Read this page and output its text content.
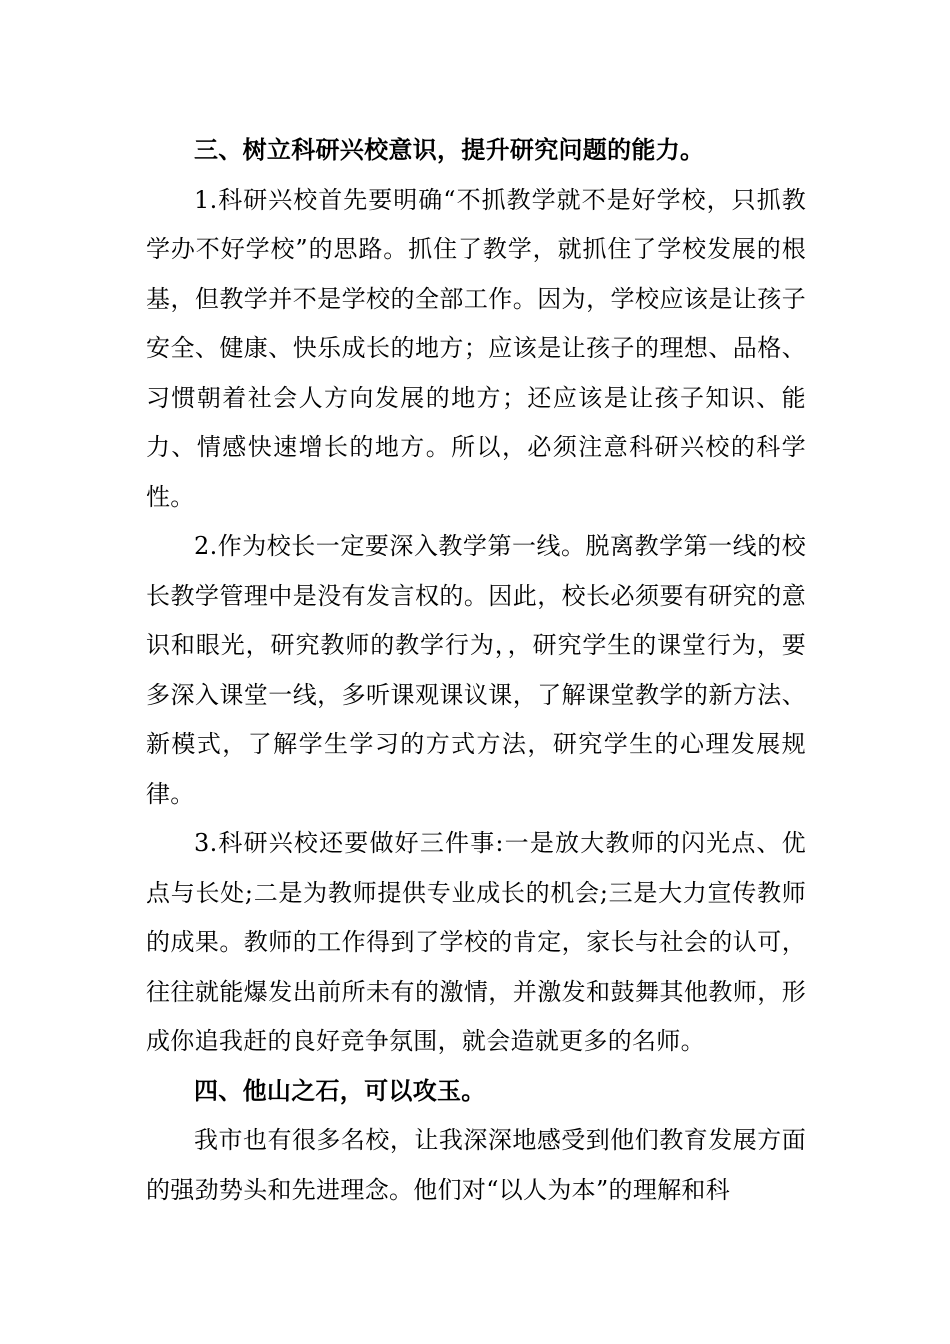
三、树立科研兴校意识，提升研究问题的能力。

1.科研兴校首先要明确“不抓教学就不是好学校，只抓教学办不好学校”的思路。抓住了教学，就抓住了学校发展的根基，但教学并不是学校的全部工作。因为，学校应该是让孩子安全、健康、快乐成长的地方；应该是让孩子的理想、品格、习惯朝着社会人方向发展的地方；还应该是让孩子知识、能力、情感快速增长的地方。所以，必须注意科研兴校的科学性。

2.作为校长一定要深入教学第一线。脱离教学第一线的校长教学管理中是没有发言权的。因此，校长必须要有研究的意识和眼光，研究教师的教学行为，，研究学生的课堂行为，要多深入课堂一线，多听课观课议课，了解课堂教学的新方法、新模式，了解学生学习的方式方法，研究学生的心理发展规律。

3.科研兴校还要做好三件事:一是放大教师的闪光点、优点与长处;二是为教师提供专业成长的机会;三是大力宣传教师的成果。教师的工作得到了学校的肯定，家长与社会的认可，往往就能爆发出前所未有的激情，并激发和鼓舞其他教师，形成你追我赶的良好竞争氛围，就会造就更多的名师。

四、他山之石，可以攻玉。

我市也有很多名校，让我深深地感受到他们教育发展方面的强劲势头和先进理念。他们对“以人为本”的理解和科
